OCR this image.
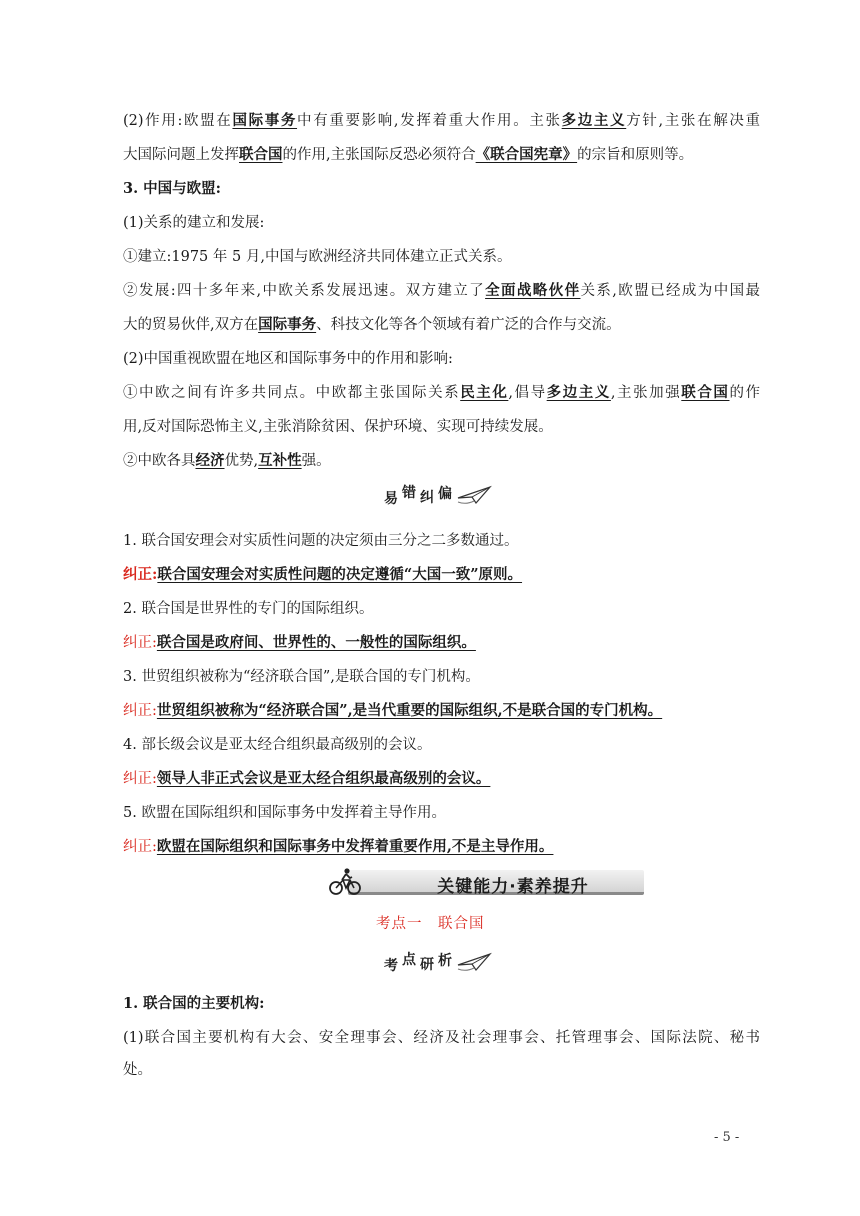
(2)作用:欧盟在国际事务中有重要影响,发挥着重大作用。主张多边主义方针,主张在解决重
大国际问题上发挥联合国的作用,主张国际反恐必须符合《联合国宪章》的宗旨和原则等。
3. 中国与欧盟:
(1)关系的建立和发展:
①建立:1975 年 5 月,中国与欧洲经济共同体建立正式关系。
②发展:四十多年来,中欧关系发展迅速。双方建立了全面战略伙伴关系,欧盟已经成为中国最
大的贸易伙伴,双方在国际事务、科技文化等各个领域有着广泛的合作与交流。
(2)中国重视欧盟在地区和国际事务中的作用和影响:
①中欧之间有许多共同点。中欧都主张国际关系民主化,倡导多边主义,主张加强联合国的作
用,反对国际恐怖主义,主张消除贫困、保护环境、实现可持续发展。
②中欧各具经济优势,互补性强。
易 错 纠 偏
1. 联合国安理会对实质性问题的决定须由三分之二多数通过。
纠正:联合国安理会对实质性问题的决定遵循“大国一致”原则。
2. 联合国是世界性的专门的国际组织。
纠正:联合国是政府间、世界性的、一般性的国际组织。
3. 世贸组织被称为“经济联合国”,是联合国的专门机构。
纠正:世贸组织被称为“经济联合国”,是当代重要的国际组织,不是联合国的专门机构。
4. 部长级会议是亚太经合组织最高级别的会议。
纠正:领导人非正式会议是亚太经合组织最高级别的会议。
5. 欧盟在国际组织和国际事务中发挥着主导作用。
纠正:欧盟在国际组织和国际事务中发挥着重要作用,不是主导作用。
关键能力·素养提升
考点一　联合国
考 点 研 析
1. 联合国的主要机构:
(1)联合国主要机构有大会、安全理事会、经济及社会理事会、托管理事会、国际法院、秘书
处。
- 5 -
